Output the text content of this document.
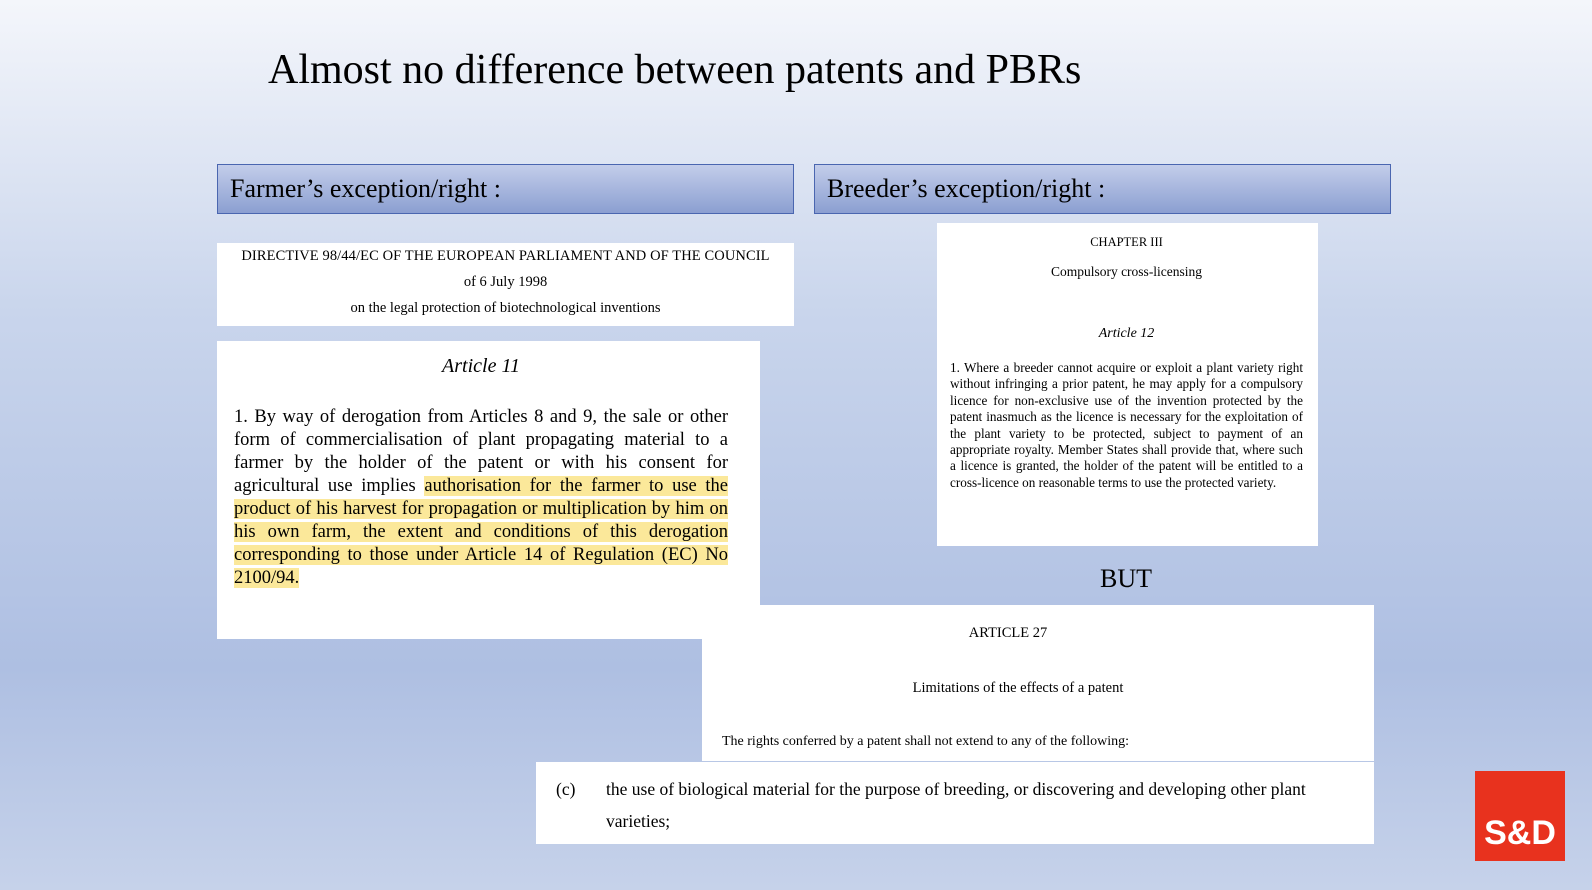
Almost no difference between patents and PBRs
Farmer’s exception/right :	Breeder’s exception/right :
DIRECTIVE 98/44/EC OF THE EUROPEAN PARLIAMENT AND OF THE COUNCIL
of 6 July 1998
on the legal protection of biotechnological inventions
Article 11
1. By way of derogation from Articles 8 and 9, the sale or other form of commercialisation of plant propagating material to a farmer by the holder of the patent or with his consent for agricultural use implies authorisation for the farmer to use the product of his harvest for propagation or multiplication by him on his own farm, the extent and conditions of this derogation corresponding to those under Article 14 of Regulation (EC) No 2100/94.
CHAPTER III
Compulsory cross-licensing
Article 12
1. Where a breeder cannot acquire or exploit a plant variety right without infringing a prior patent, he may apply for a compulsory licence for non-exclusive use of the invention protected by the patent inasmuch as the licence is necessary for the exploitation of the plant variety to be protected, subject to payment of an appropriate royalty. Member States shall provide that, where such a licence is granted, the holder of the patent will be entitled to a cross-licence on reasonable terms to use the protected variety.
BUT
ARTICLE 27
Limitations of the effects of a patent
The rights conferred by a patent shall not extend to any of the following:
(c)	the use of biological material for the purpose of breeding, or discovering and developing other plant varieties;	S&D
